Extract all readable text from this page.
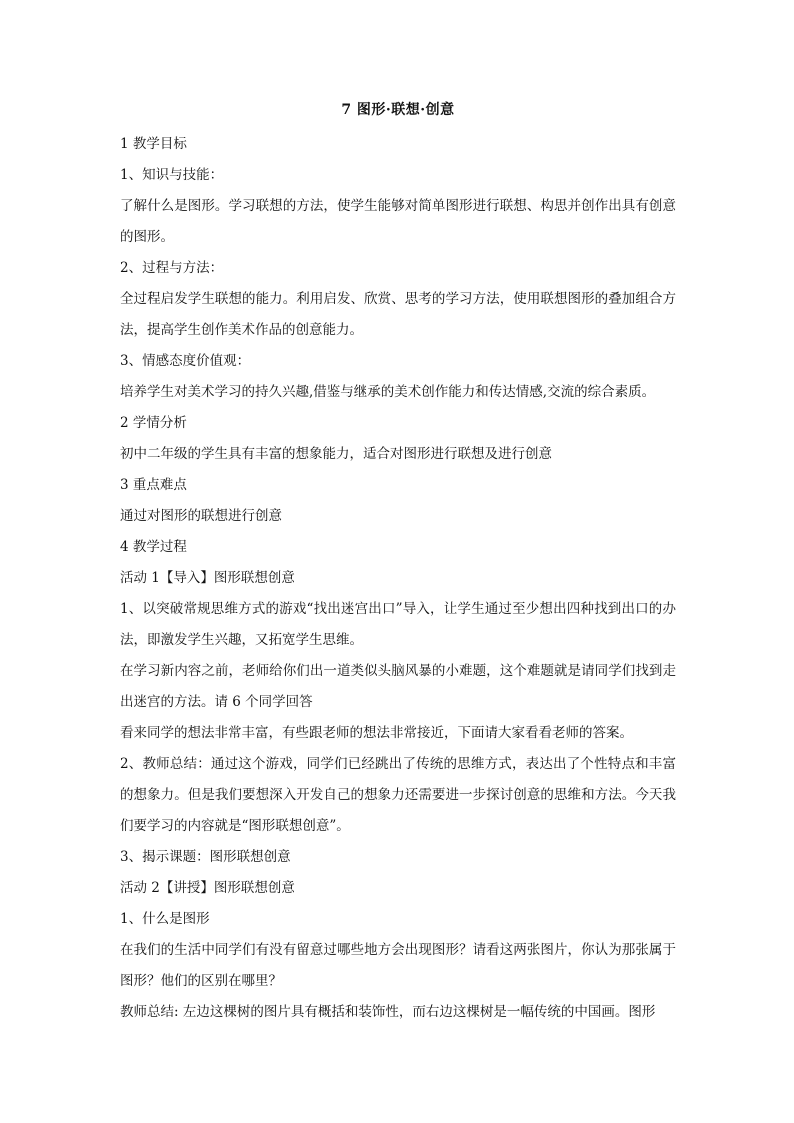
7 图形·联想·创意
1 教学目标
1、知识与技能：
了解什么是图形。学习联想的方法，使学生能够对简单图形进行联想、构思并创作出具有创意的图形。
2、过程与方法：
全过程启发学生联想的能力。利用启发、欣赏、思考的学习方法，使用联想图形的叠加组合方法，提高学生创作美术作品的创意能力。
3、情感态度价值观：
培养学生对美术学习的持久兴趣,借鉴与继承的美术创作能力和传达情感,交流的综合素质。
2 学情分析
初中二年级的学生具有丰富的想象能力，适合对图形进行联想及进行创意
3 重点难点
通过对图形的联想进行创意
4 教学过程
活动 1【导入】图形联想创意
1、以突破常规思维方式的游戏“找出迷宫出口”导入，让学生通过至少想出四种找到出口的办法，即激发学生兴趣，又拓宽学生思维。
在学习新内容之前，老师给你们出一道类似头脑风暴的小难题，这个难题就是请同学们找到走出迷宫的方法。请 6 个同学回答
看来同学的想法非常丰富，有些跟老师的想法非常接近，下面请大家看看老师的答案。
2、教师总结：通过这个游戏，同学们已经跳出了传统的思维方式，表达出了个性特点和丰富的想象力。但是我们要想深入开发自己的想象力还需要进一步探讨创意的思维和方法。今天我们要学习的内容就是“图形联想创意”。
3、揭示课题：图形联想创意
活动 2【讲授】图形联想创意
1、什么是图形
在我们的生活中同学们有没有留意过哪些地方会出现图形？请看这两张图片，你认为那张属于图形？他们的区别在哪里？
教师总结: 左边这棵树的图片具有概括和装饰性，而右边这棵树是一幅传统的中国画。图形
